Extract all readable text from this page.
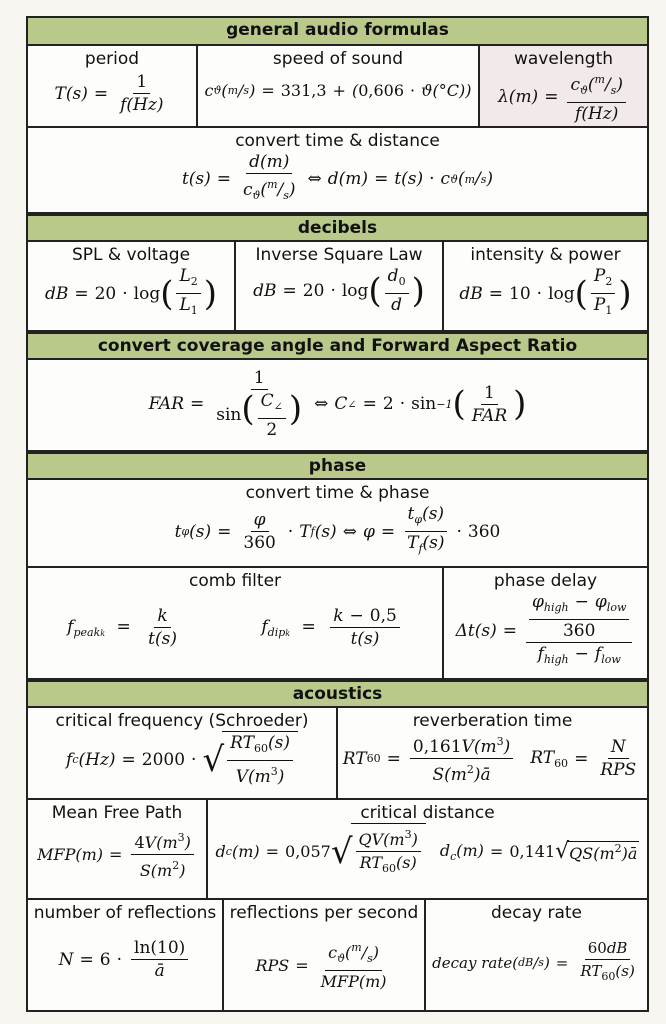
general audio formulas
period
$T(s) = \frac{1}{f(Hz)}$
speed of sound
c ϑ ( m / s ) = 331,3 + ( 0,606 · ϑ(°C))
wavelength
$\lambda(m) = \frac{c_ϑ(^m/_s)}{f(Hz)}$
convert time & distance
$t(s) = \frac{d(m)}{c_ϑ(^m/_s)}$ ⇔ d(m) = t(s) · c ϑ ( m / s )
decibels
SPL & voltage
dB = 20 · log ( $\frac{L_2}{L_1}$ )
Inverse Square Law
dB = 20 · log ( $\frac{d_0}{d}$ )
intensity & power
dB = 10 · log ( $\frac{P_2}{P_1}$ )
convert coverage angle and Forward Aspect Ratio
FAR = $\frac{1}{\sin( \frac{C_\angle}{2} )}$ ⇔ C ∠ = 2 · sin −1 ( $\frac{1}{\text{FAR}}$ )
phase
convert time & phase
t φ $(s) = \frac{\varphi}{360} \cdot T$ f (s) ⇔ $\varphi = \frac{t_\varphi(s)}{T_f(s)} \cdot 360$
comb filter
$f_{peakk} = \frac{k}{t(s)}$	$f_{dipk} = \frac{k - 0,5}{t(s)}$
phase delay
$\Delta t(s) = \frac{\frac{\varphi_{high} - \varphi_{low}}{360}}{f_{high} - f_{low}}$
acoustics
critical frequency (Schroeder)
f c (Hz) = 2000 · √ $\frac{RT_{60}(s)}{V(m^3)}$
reverberation time
RT $60 = \frac{0,161V(m^3)}{S(m^2)ā} RT_{60} = \frac{N}{\text{RPS}}$
Mean Free Path
$MFP(m) = \frac{4V(m^3)}{S(m^2)}$
critical distance
d c (m) = 0,057 √ $\frac{QV(m^3)}{RT_{60}(s)} d_c(m) = 0,141$ √ $QS(m^2)ā$
number of reflections
$N = 6 \cdot \frac{\ln(10)}{ā}$
reflections per second
RPS = $\frac{c_ϑ(^m/_s)}{\text{MFP(m)}}$
decay rate
decay rate( dB / s ) = $\frac{60dB}{RT_{60}(s)}$
